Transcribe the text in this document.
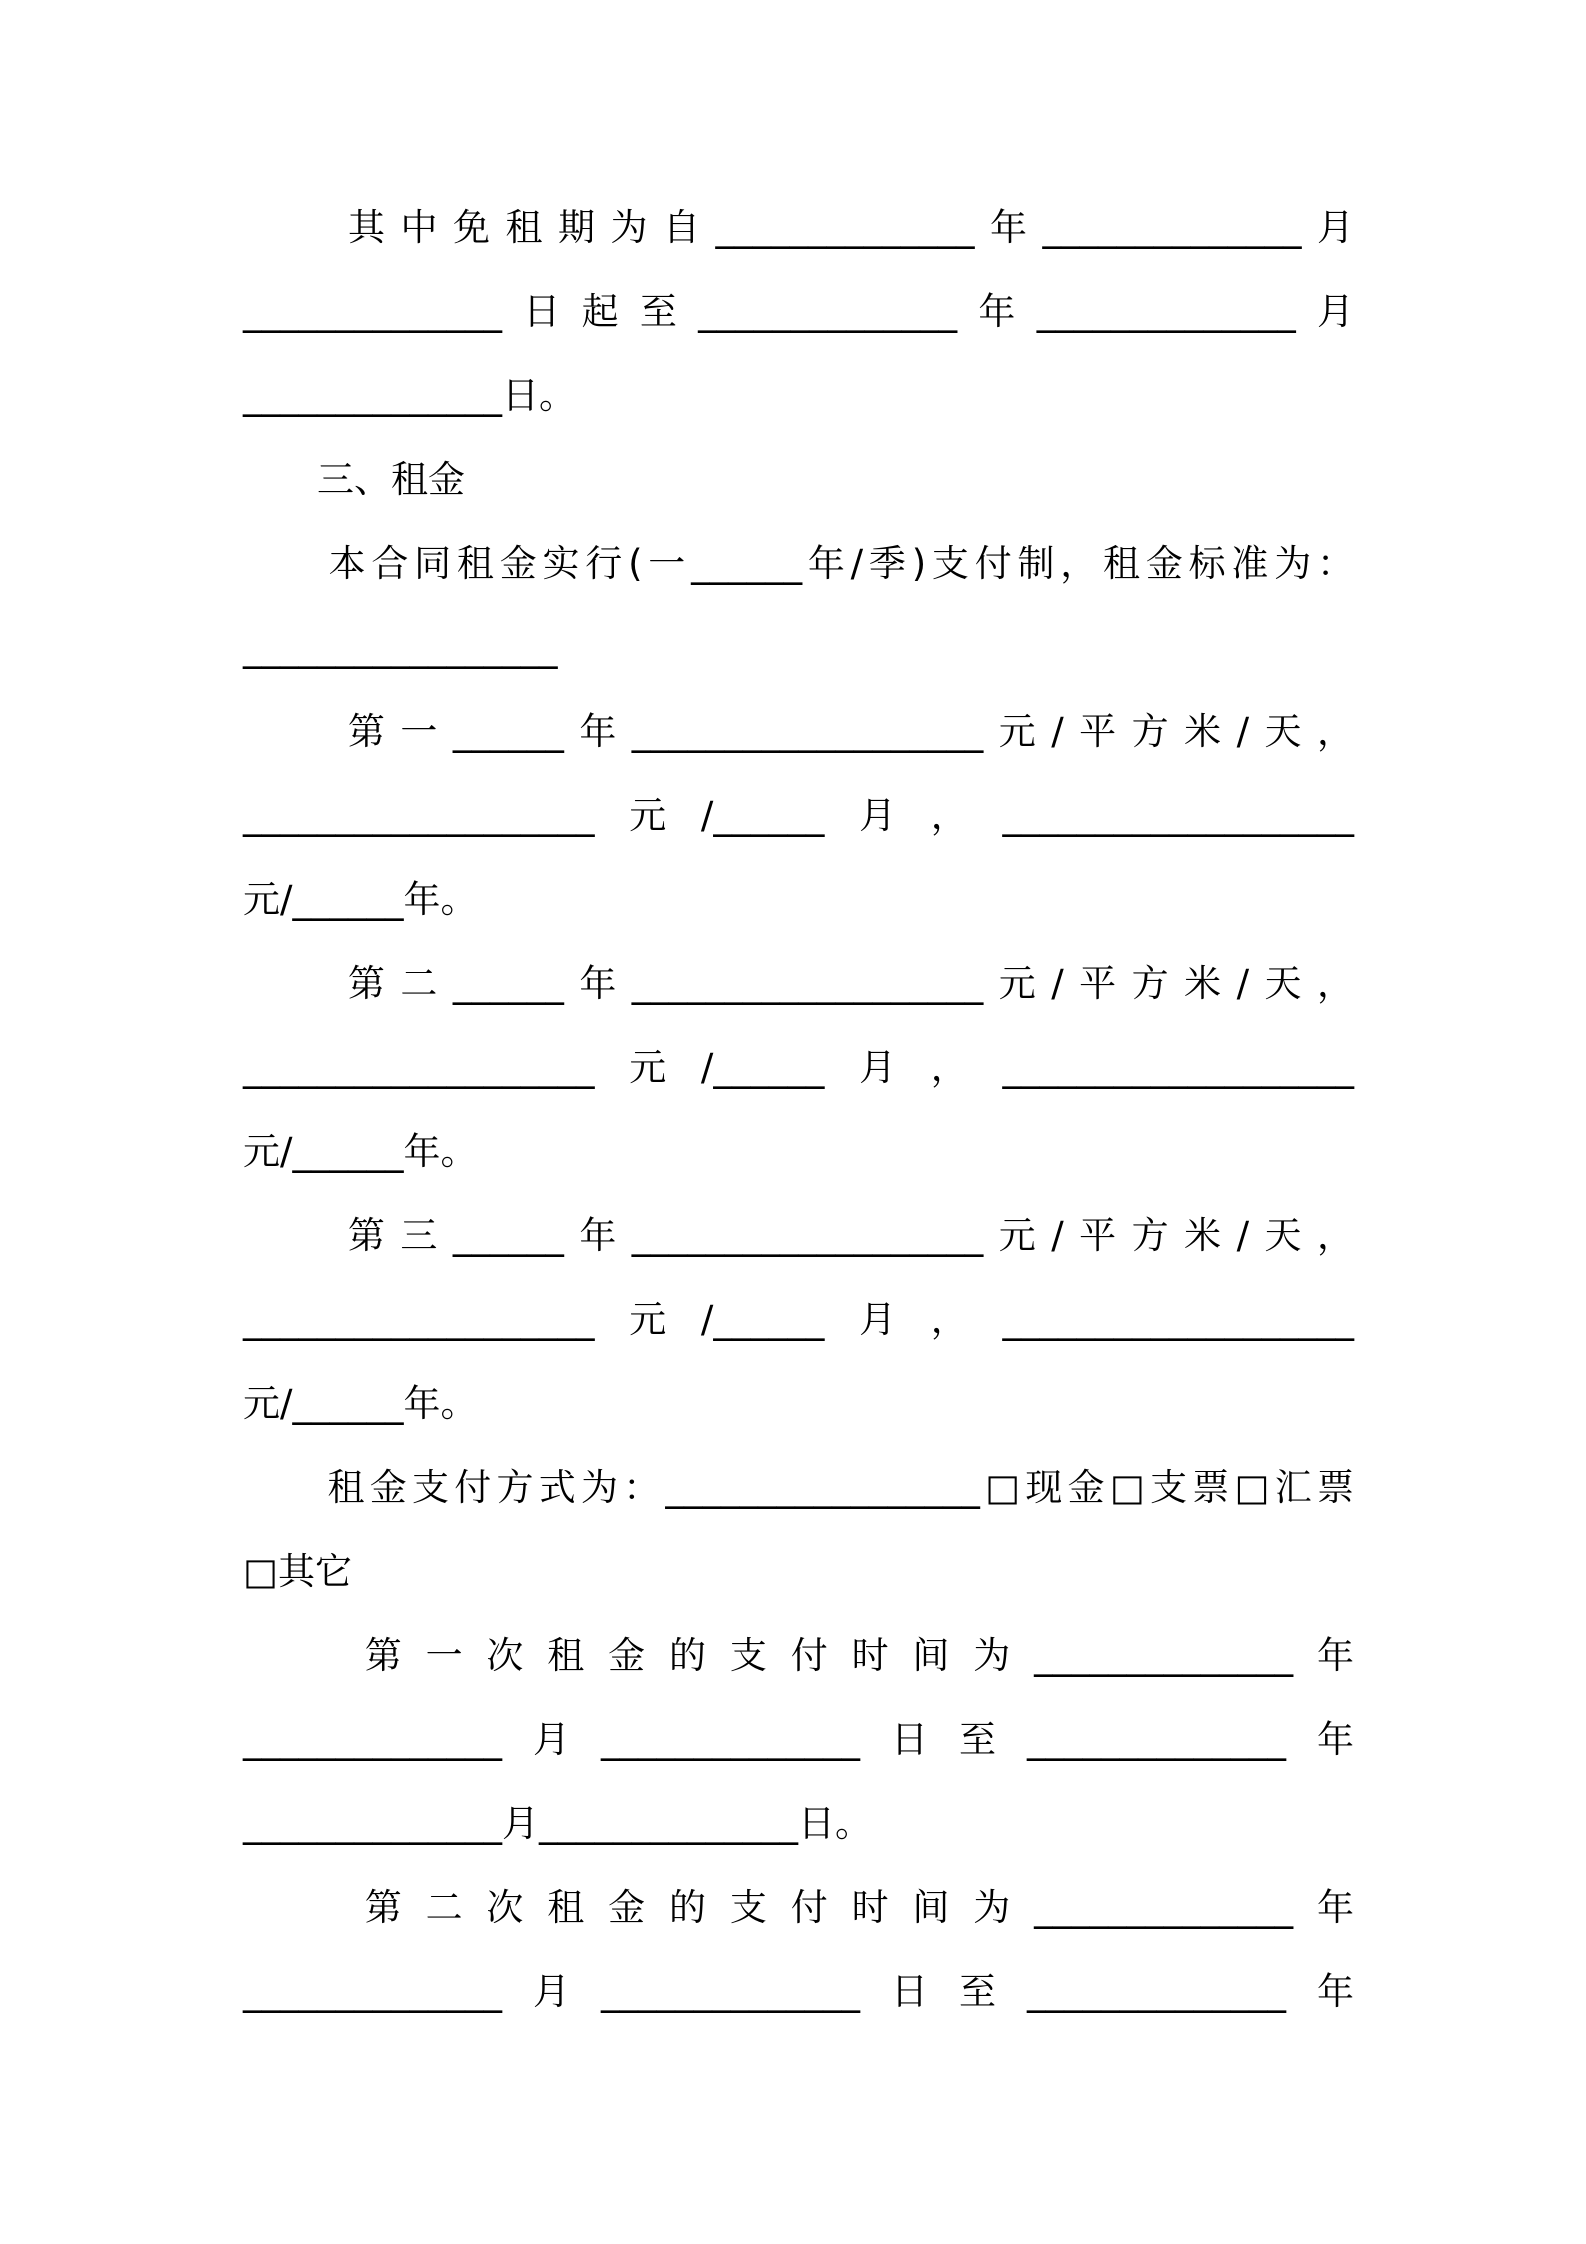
　　其中免租期为自______________年______________月
______________日起至______________年______________月
______________日。
　　三、租金
　　本合同租金实行(一______年/季)支付制，租金标准为：
_________________
　　第一______年___________________元/平方米/天，
___________________元/______月，___________________
元/______年。
　　第二______年___________________元/平方米/天，
___________________元/______月，___________________
元/______年。
　　第三______年___________________元/平方米/天，
___________________元/______月，___________________
元/______年。
　　租金支付方式为：_________________□现金□支票□汇票
□其它
　　第一次租金的支付时间为______________年
______________月______________日至______________年
______________月______________日。
　　第二次租金的支付时间为______________年
______________月______________日至______________年
